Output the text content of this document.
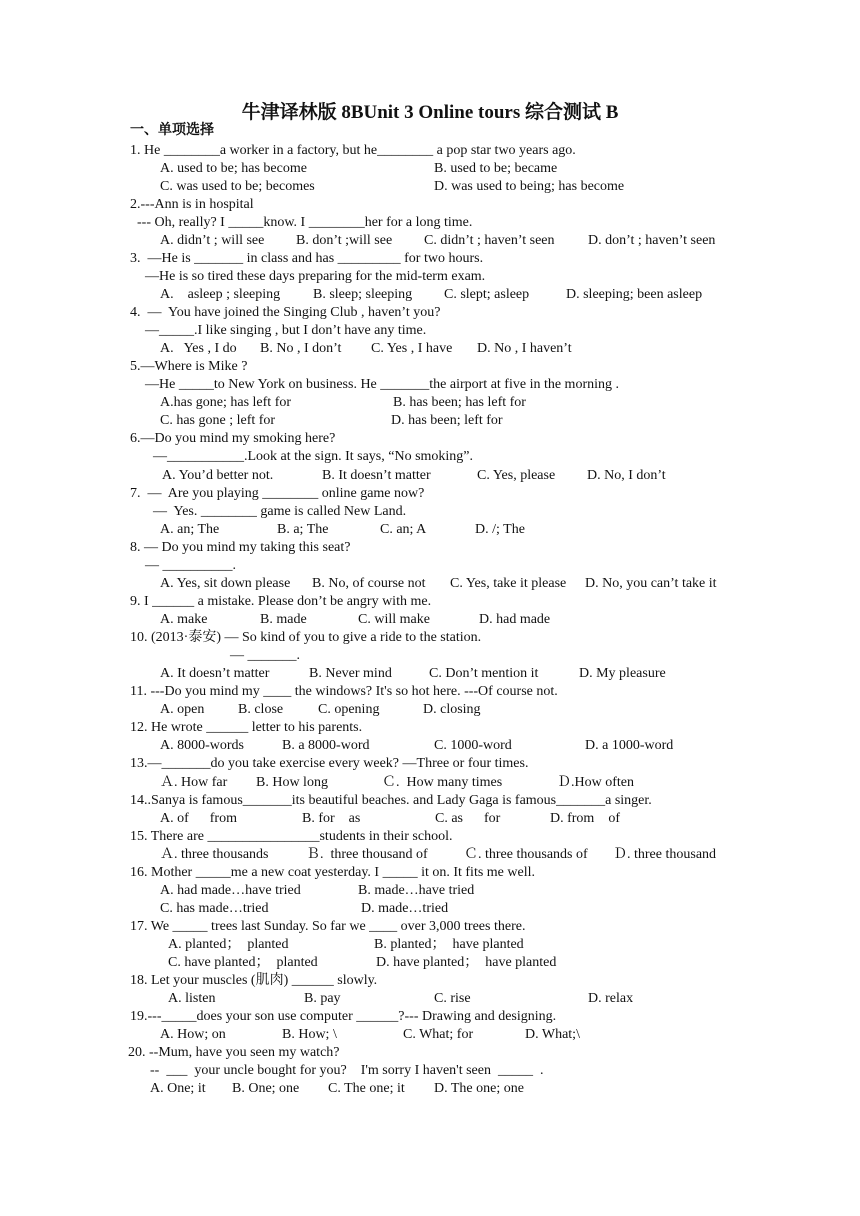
牛津译林版 8BUnit 3 Online tours 综合测试 B
一、单项选择
1. He ________a worker in a factory, but he________ a pop star two years ago.

A. used to be; has become

	B. used to be; became

C. was used to be; becomes

	D. was used to being; has become

2.---Ann is in hospital
--- Oh, really? I _____know. I ________her for a long time.

A. didn’t ; will see

B. don’t ;will see

C. didn’t ; haven’t seen

D. don’t ; haven’t seen

3.  —He is _______ in class and has _________ for two hours.
—He is so tired these days preparing for the mid-term exam.

A.    asleep ; sleeping

B. sleep; sleeping

C. slept; asleep

	D. sleeping; been asleep

4.  —  You have joined the Singing Club , haven’t you?
—_____.I like singing , but I don’t have any time.

A.   Yes , I do

B. No , I don’t

C. Yes , I have

D. No , I haven’t

5.—Where is Mike ?
—He _____to New York on business. He _______the airport at five in the morning .

A.has gone; has left for

	B. has been; has left for

C. has gone ; left for

	D. has been; left for

6.—Do you mind my smoking here?
—___________.Look at the sign. It says, “No smoking”.

A. You’d better not.

	B. It doesn’t matter

	C. Yes, please

D. No, I don’t

7.  —  Are you playing ________ online game now?
—  Yes. ________ game is called New Land.

A. an; The

	B. a; The

	C. an; A

	D. /; The

8. — Do you mind my taking this seat?
— __________.

A. Yes, sit down please

B. No, of course not

C. Yes, take it please

D. No, you can’t take it

9. I ______ a mistake. Please don’t be angry with me.

A. make

	B. made

	C. will make

	D. had made

10. (2013·泰安) — So kind of you to give a ride to the station.
— _______.

A. It doesn’t matter

	B. Never mind

	C. Don’t mention it

	D. My pleasure

11. ---Do you mind my ____ the windows? It's so hot here. ---Of course not.

A. open

B. close

C. opening

	D. closing

12. He wrote ______ letter to his parents.

A. 8000-words

	B. a 8000-word

	C. 1000-word

	D. a 1000-word

13.—_______do you take exercise every week? —Three or four times.

Ａ. How far

B. How long

	Ｃ.  How many times

	Ｄ.How often

14..Sanya is famous_______its beautiful beaches. and Lady Gaga is famous_______a singer.

A. of      from

	B. for    as

	C. as      for

	D. from    of

15. There are ________________students in their school.

Ａ. three thousands

	Ｂ.  three thousand of

	Ｃ. three thousands of

Ｄ. three thousand

16. Mother _____me a new coat yesterday. I _____ it on. It fits me well.

A. had made…have tried

	B. made…have tried

C. has made…tried

	D. made…tried

17. We _____ trees last Sunday. So far we ____ over 3,000 trees there.

A. planted；  planted

	B. planted；  have planted

C. have planted；  planted

	D. have planted；  have planted

18. Let your muscles (肌肉) ______ slowly.

A. listen

	B. pay

	C. rise

	D. relax

19.---_____does your son use computer ______?--- Drawing and designing.

A. How; on

	B. How; \

	C. What; for

	D. What;\

20. --Mum, have you seen my watch?
--  ___  your uncle bought for you?    I'm sorry I haven't seen  _____  .

A. One; it

B. One; one

C. The one; it

D. The one; one
